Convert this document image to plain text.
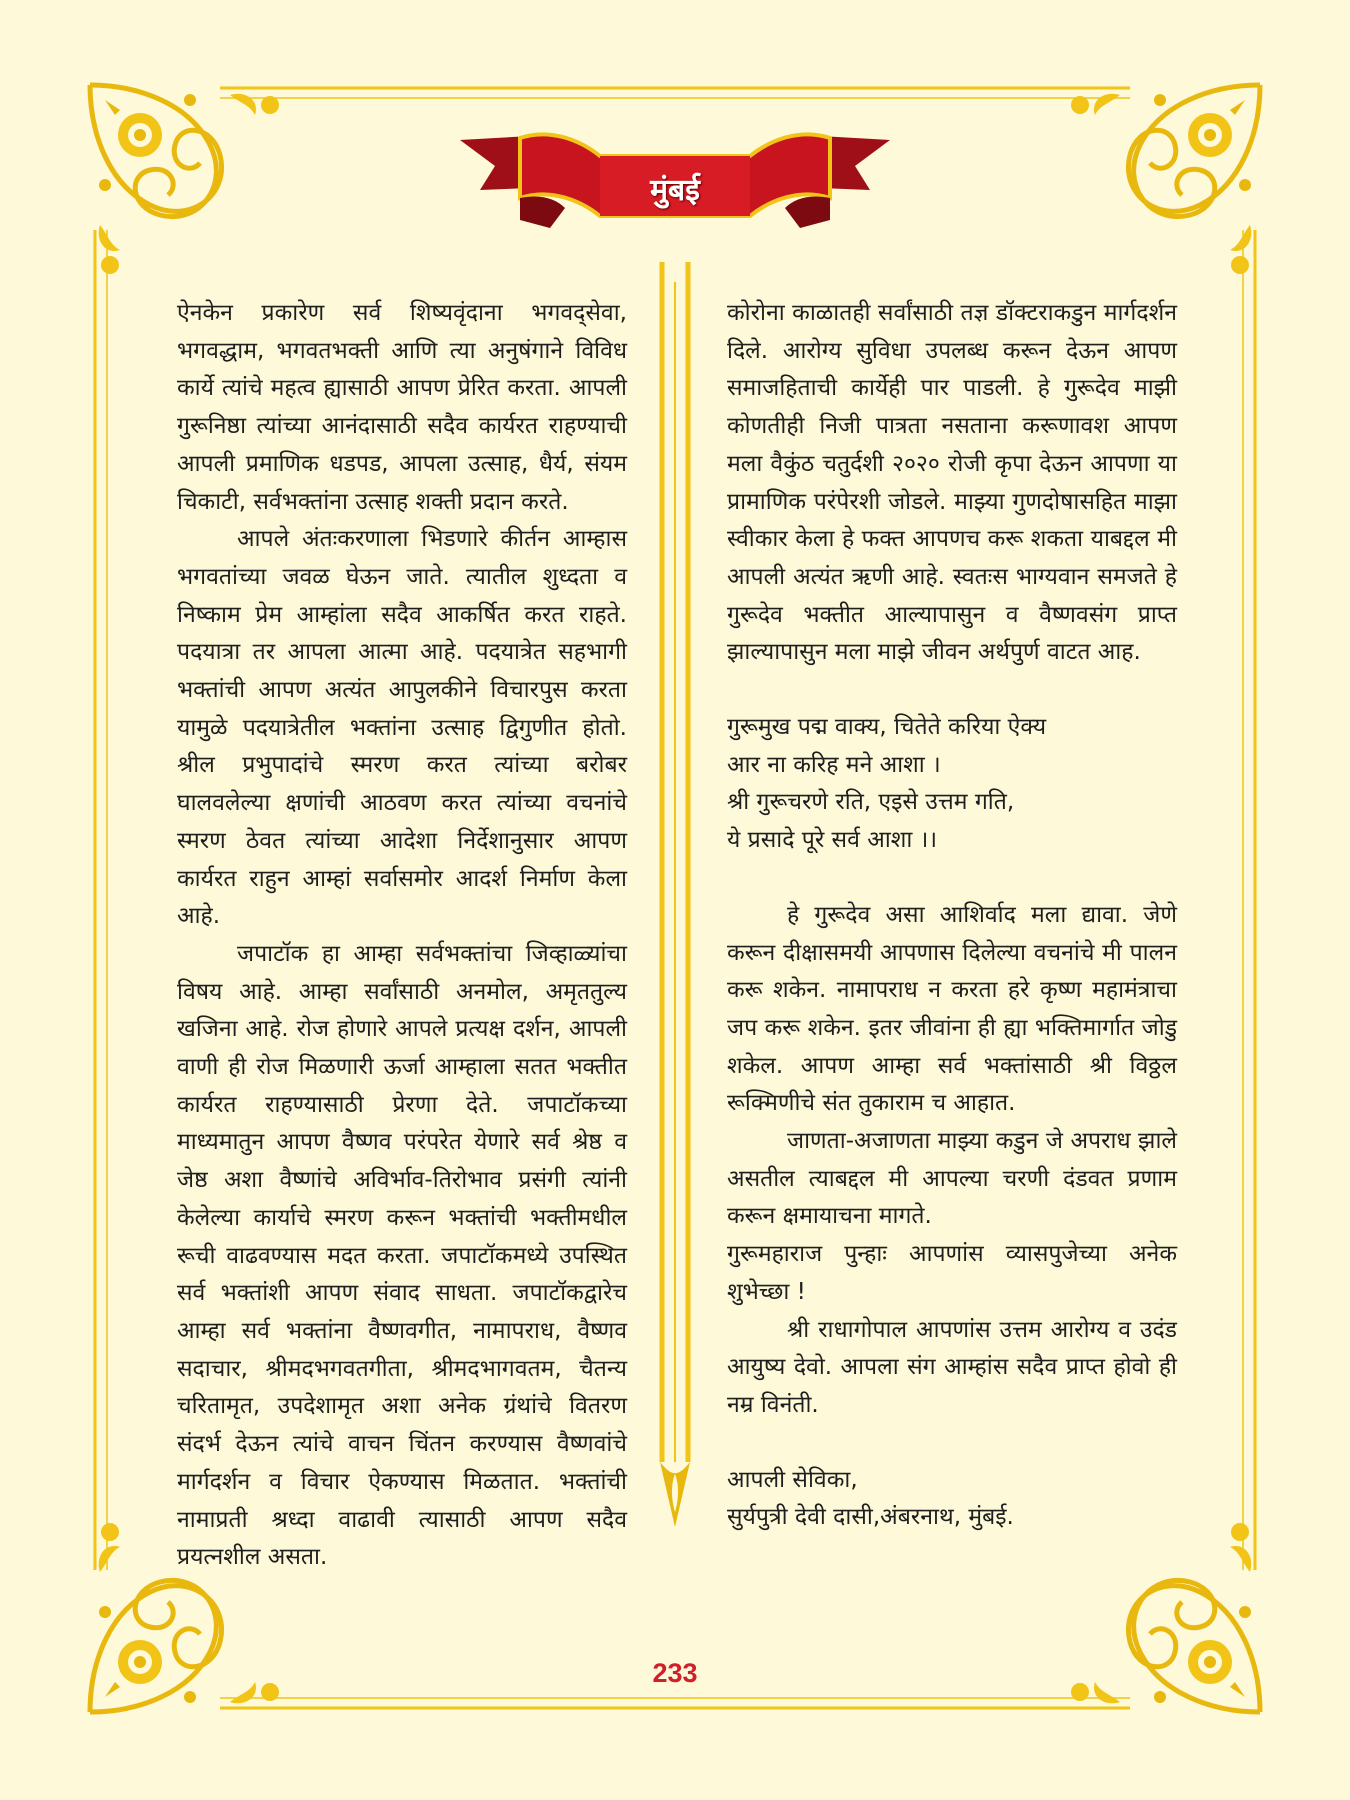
मुंबई

ऐनकेन प्रकारेण सर्व शिष्यवृंदाना भगवद्सेवा, भगवद्धाम, भगवतभक्ती आणि त्या अनुषंगाने विविध कार्ये त्यांचे महत्व ह्यासाठी आपण प्रेरित करता. आपली गुरूनिष्ठा त्यांच्या आनंदासाठी सदैव कार्यरत राहण्याची आपली प्रमाणिक धडपड, आपला उत्साह, धैर्य, संयम चिकाटी, सर्वभक्तांना उत्साह शक्ती प्रदान करते.

आपले अंतःकरणाला भिडणारे कीर्तन आम्हास भगवतांच्या जवळ घेऊन जाते. त्यातील शुध्दता व निष्काम प्रेम आम्हांला सदैव आकर्षित करत राहते. पदयात्रा तर आपला आत्मा आहे. पदयात्रेत सहभागी भक्तांची आपण अत्यंत आपुलकीने विचारपुस करता यामुळे पदयात्रेतील भक्तांना उत्साह द्विगुणीत होतो. श्रील प्रभुपादांचे स्मरण करत त्यांच्या बरोबर घालवलेल्या क्षणांची आठवण करत त्यांच्या वचनांचे स्मरण ठेवत त्यांच्या आदेशा निर्देशानुसार आपण कार्यरत राहुन आम्हां सर्वासमोर आदर्श निर्माण केला आहे.

जपाटॉक हा आम्हा सर्वभक्तांचा जिव्हाळ्यांचा विषय आहे. आम्हा सर्वांसाठी अनमोल, अमृततुल्य खजिना आहे. रोज होणारे आपले प्रत्यक्ष दर्शन, आपली वाणी ही रोज मिळणारी ऊर्जा आम्हाला सतत भक्तीत कार्यरत राहण्यासाठी प्रेरणा देते. जपाटॉकच्या माध्यमातुन आपण वैष्णव परंपरेत येणारे सर्व श्रेष्ठ व जेष्ठ अशा वैष्णांचे अविर्भाव-तिरोभाव प्रसंगी त्यांनी केलेल्या कार्याचे स्मरण करून भक्तांची भक्तीमधील रूची वाढवण्यास मदत करता. जपाटॉकमध्ये उपस्थित सर्व भक्तांशी आपण संवाद साधता. जपाटॉकद्वारेच आम्हा सर्व भक्तांना वैष्णवगीत, नामापराध, वैष्णव सदाचार, श्रीमदभगवतगीता, श्रीमदभागवतम, चैतन्य चरितामृत, उपदेशामृत अशा अनेक ग्रंथांचे वितरण संदर्भ देऊन त्यांचे वाचन चिंतन करण्यास वैष्णवांचे मार्गदर्शन व विचार ऐकण्यास मिळतात. भक्तांची नामाप्रती श्रध्दा वाढावी त्यासाठी आपण सदैव प्रयत्नशील असता.

कोरोना काळातही सर्वांसाठी तज्ञ डॉक्टराकडुन मार्गदर्शन दिले. आरोग्य सुविधा उपलब्ध करून देऊन आपण समाजहिताची कार्येही पार पाडली. हे गुरूदेव माझी कोणतीही निजी पात्रता नसताना करूणावश आपण मला वैकुंठ चतुर्दशी २०२० रोजी कृपा देऊन आपणा या प्रामाणिक परंपेरशी जोडले. माझ्या गुणदोषासहित माझा स्वीकार केला हे फक्त आपणच करू शकता याबद्दल मी आपली अत्यंत ऋणी आहे. स्वतःस भाग्यवान समजते हे गुरूदेव भक्तीत आल्यापासुन व वैष्णवसंग प्राप्त झाल्यापासुन मला माझे जीवन अर्थपुर्ण वाटत आह.

गुरूमुख पद्म वाक्य, चितेते करिया ऐक्य
आर ना करिह मने आशा ।
श्री गुरूचरणे रति, एइसे उत्तम गति,
ये प्रसादे पूरे सर्व आशा ।।

हे गुरूदेव असा आशिर्वाद मला द्यावा. जेणे करून दीक्षासमयी आपणास दिलेल्या वचनांचे मी पालन करू शकेन. नामापराध न करता हरे कृष्ण महामंत्राचा जप करू शकेन. इतर जीवांना ही ह्या भक्तिमार्गात जोडु शकेल. आपण आम्हा सर्व भक्तांसाठी श्री विठ्ठल रूक्मिणीचे संत तुकाराम च आहात.

जाणता-अजाणता माझ्या कडुन जे अपराध झाले असतील त्याबद्दल मी आपल्या चरणी दंडवत प्रणाम करून क्षमायाचना मागते.

गुरूमहाराज पुन्हाः आपणांस व्यासपुजेच्या अनेक शुभेच्छा !

श्री राधागोपाल आपणांस उत्तम आरोग्य व उदंड आयुष्य देवो. आपला संग आम्हांस सदैव प्राप्त होवो ही नम्र विनंती.

आपली सेविका,

सुर्यपुत्री देवी दासी,अंबरनाथ, मुंबई.

233
